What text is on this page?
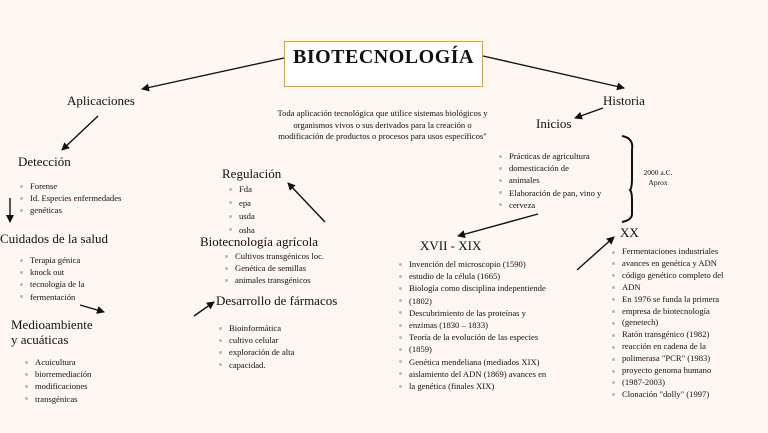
BIOTECNOLOGÍA
Toda aplicación tecnológica que utilice sistemas biológicos y organismos vivos o sus derivados para la creación o modificación de productos o procesos para usos específicos"
Aplicaciones	Historia
Detección
Forense
Id. Especies enfermedades
genéticas
Cuidados de la salud
Terapia génica
knock out
tecnología de la
fermentación
Medioambiente
y acuáticas
Acuicultura
biorremediación
modificaciones
transgénicas
Regulación
Fda
epa
usda
osha
Biotecnología agrícola
Cultivos transgénicos loc.
Genética de semillas
animales transgénicos
Desarrollo de fármacos
Bioinformática
cultivo celular
exploración de alta
capacidad.
Inicios
Prácticas de agricultura
domesticación de
animales
Elaboración de pan, vino y
cerveza
2000 a.C.
Aprox
XVII - XIX
Invención del microscopio (1590)
estudio de la célula (1665)
Biología como disciplina indepentiende
(1802)
Descubrimiento de las proteínas y
enzimas (1830 – 1833)
Teoría de la evolución de las especies
(1859)
Genética mendeliana (mediados XIX)
aislamiento del ADN (1869) avances en
la genética (finales XIX)
XX
Fermentaciones industriales
avances en genética y ADN
código genético completo del
ADN
En 1976 se funda la primera
empresa de biotecnología
(genetech)
Ratón transgénico (1982)
reacción en cadena de la
polimerasa "PCR" (1983)
proyecto genoma humano
(1987-2003)
Clonación "dolly" (1997)
